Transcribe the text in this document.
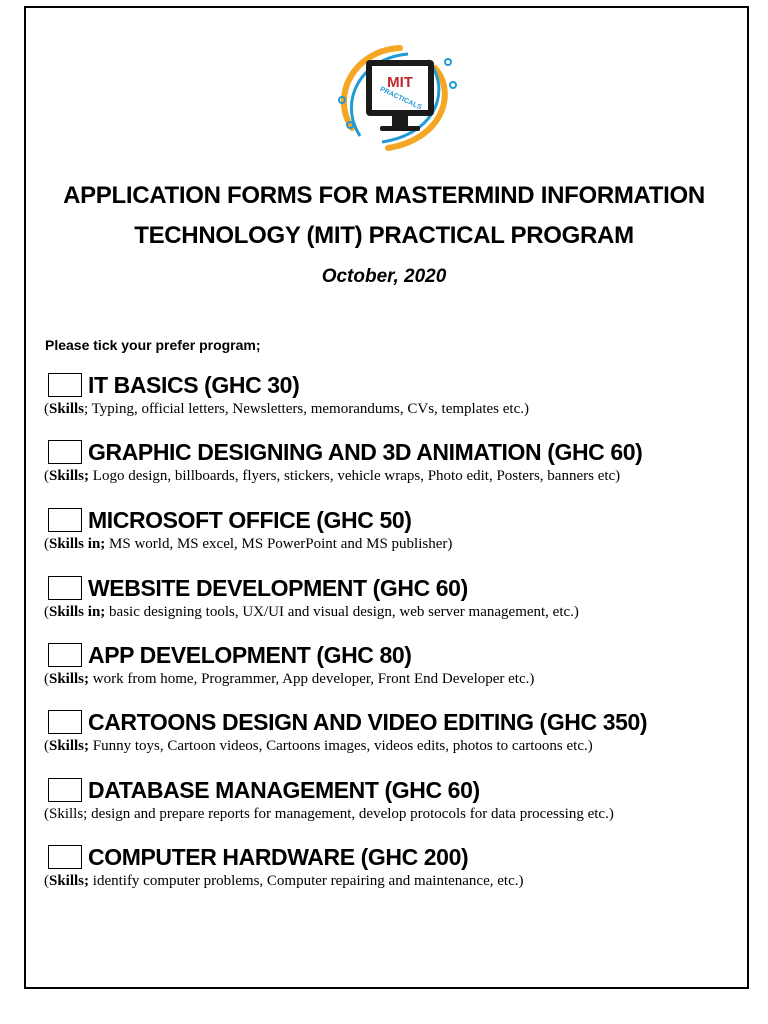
MIT
PRACTICALS
APPLICATION FORMS FOR MASTERMIND INFORMATION
TECHNOLOGY (MIT) PRACTICAL PROGRAM
October, 2020
Please tick your prefer program;
IT BASICS (GHC 30)
(Skills; Typing, official letters, Newsletters, memorandums, CVs, templates etc.)
GRAPHIC DESIGNING AND 3D ANIMATION (GHC 60)
(Skills; Logo design, billboards, flyers, stickers, vehicle wraps, Photo edit, Posters, banners etc)
MICROSOFT OFFICE (GHC 50)
(Skills in; MS world, MS excel, MS PowerPoint and MS publisher)
WEBSITE DEVELOPMENT (GHC 60)
(Skills in; basic designing tools, UX/UI and visual design, web server management, etc.)
APP DEVELOPMENT (GHC 80)
(Skills; work from home, Programmer, App developer, Front End Developer etc.)
CARTOONS DESIGN AND VIDEO EDITING (GHC 350)
(Skills; Funny toys, Cartoon videos, Cartoons images, videos edits, photos to cartoons etc.)
DATABASE MANAGEMENT (GHC 60)
(Skills; design and prepare reports for management, develop protocols for data processing etc.)
COMPUTER HARDWARE (GHC 200)
(Skills; identify computer problems, Computer repairing and maintenance, etc.)
